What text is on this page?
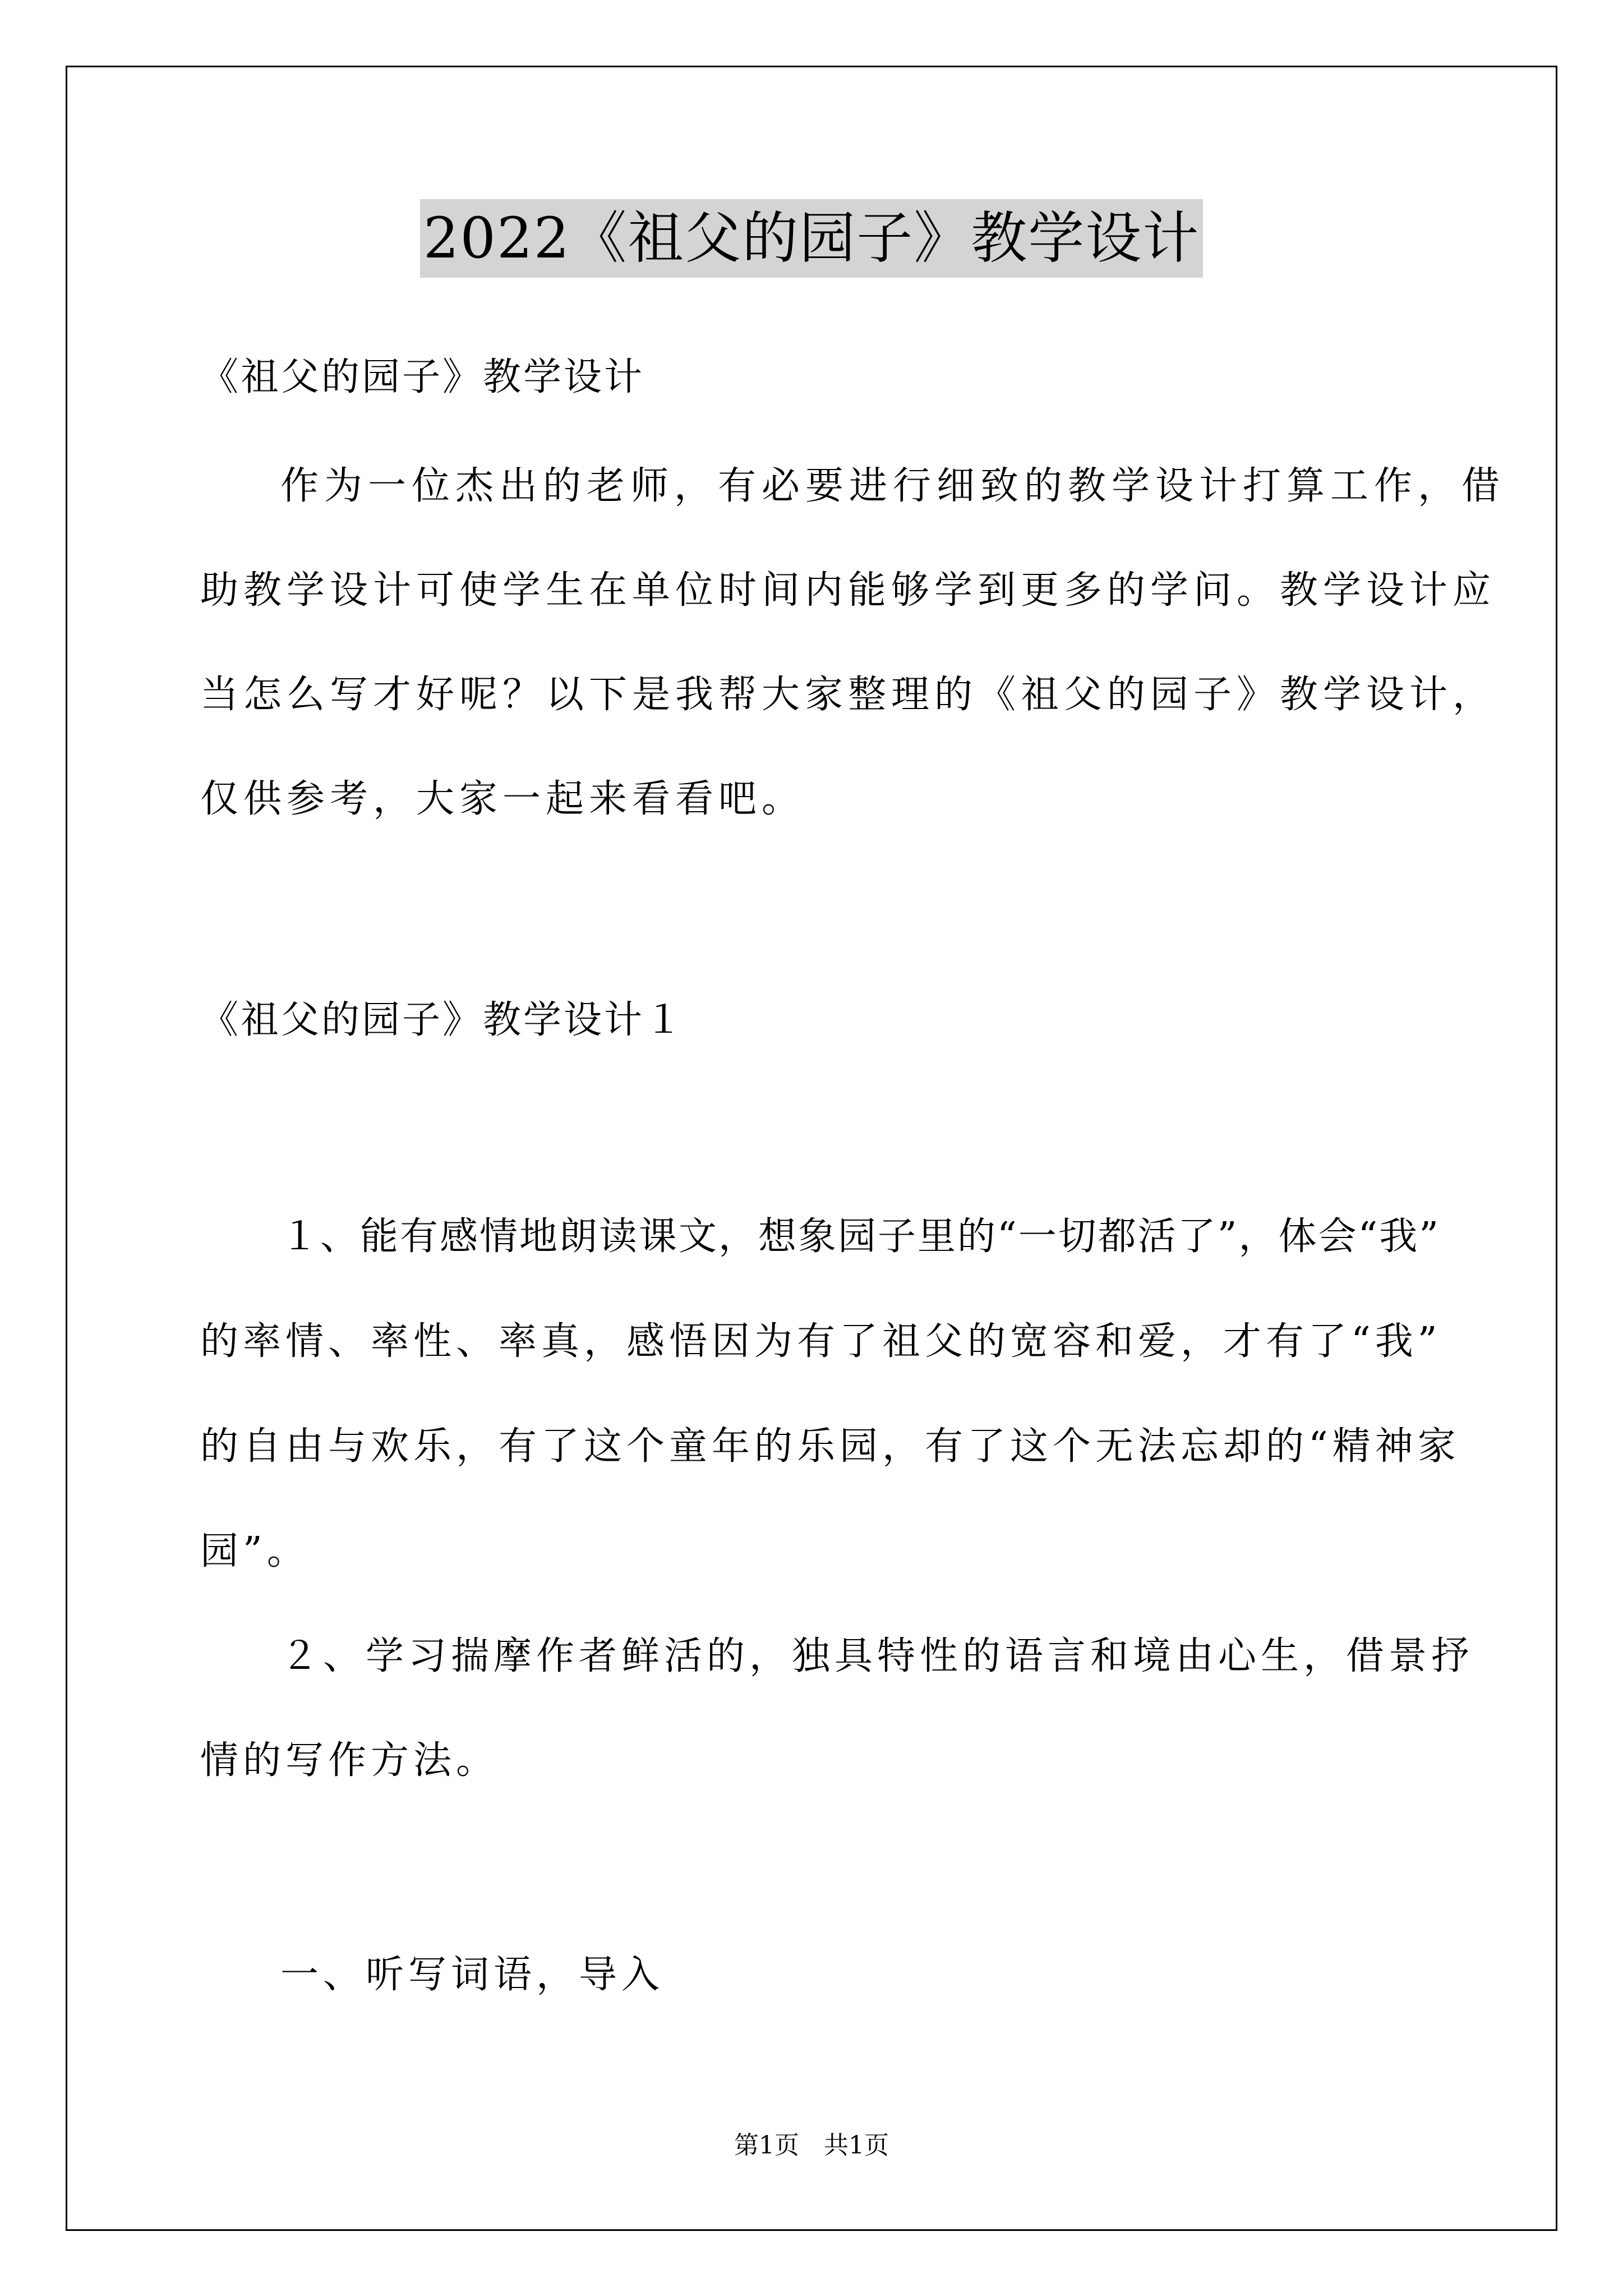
2022《祖父的园子》教学设计
《祖父的园子》教学设计
作为一位杰出的老师，有必要进行细致的教学设计打算工作，借
助教学设计可使学生在单位时间内能够学到更多的学问。教学设计应
当怎么写才好呢？以下是我帮大家整理的《祖父的园子》教学设计，
仅供参考，大家一起来看看吧。
《祖父的园子》教学设计１
１、能有感情地朗读课文，想象园子里的“一切都活了”，体会“我”
的率情、率性、率真，感悟因为有了祖父的宽容和爱，才有了“我”
的自由与欢乐，有了这个童年的乐园，有了这个无法忘却的“精神家
园”。
２、学习揣摩作者鲜活的，独具特性的语言和境由心生，借景抒
情的写作方法。
一、听写词语，导入
第1页　共1页
